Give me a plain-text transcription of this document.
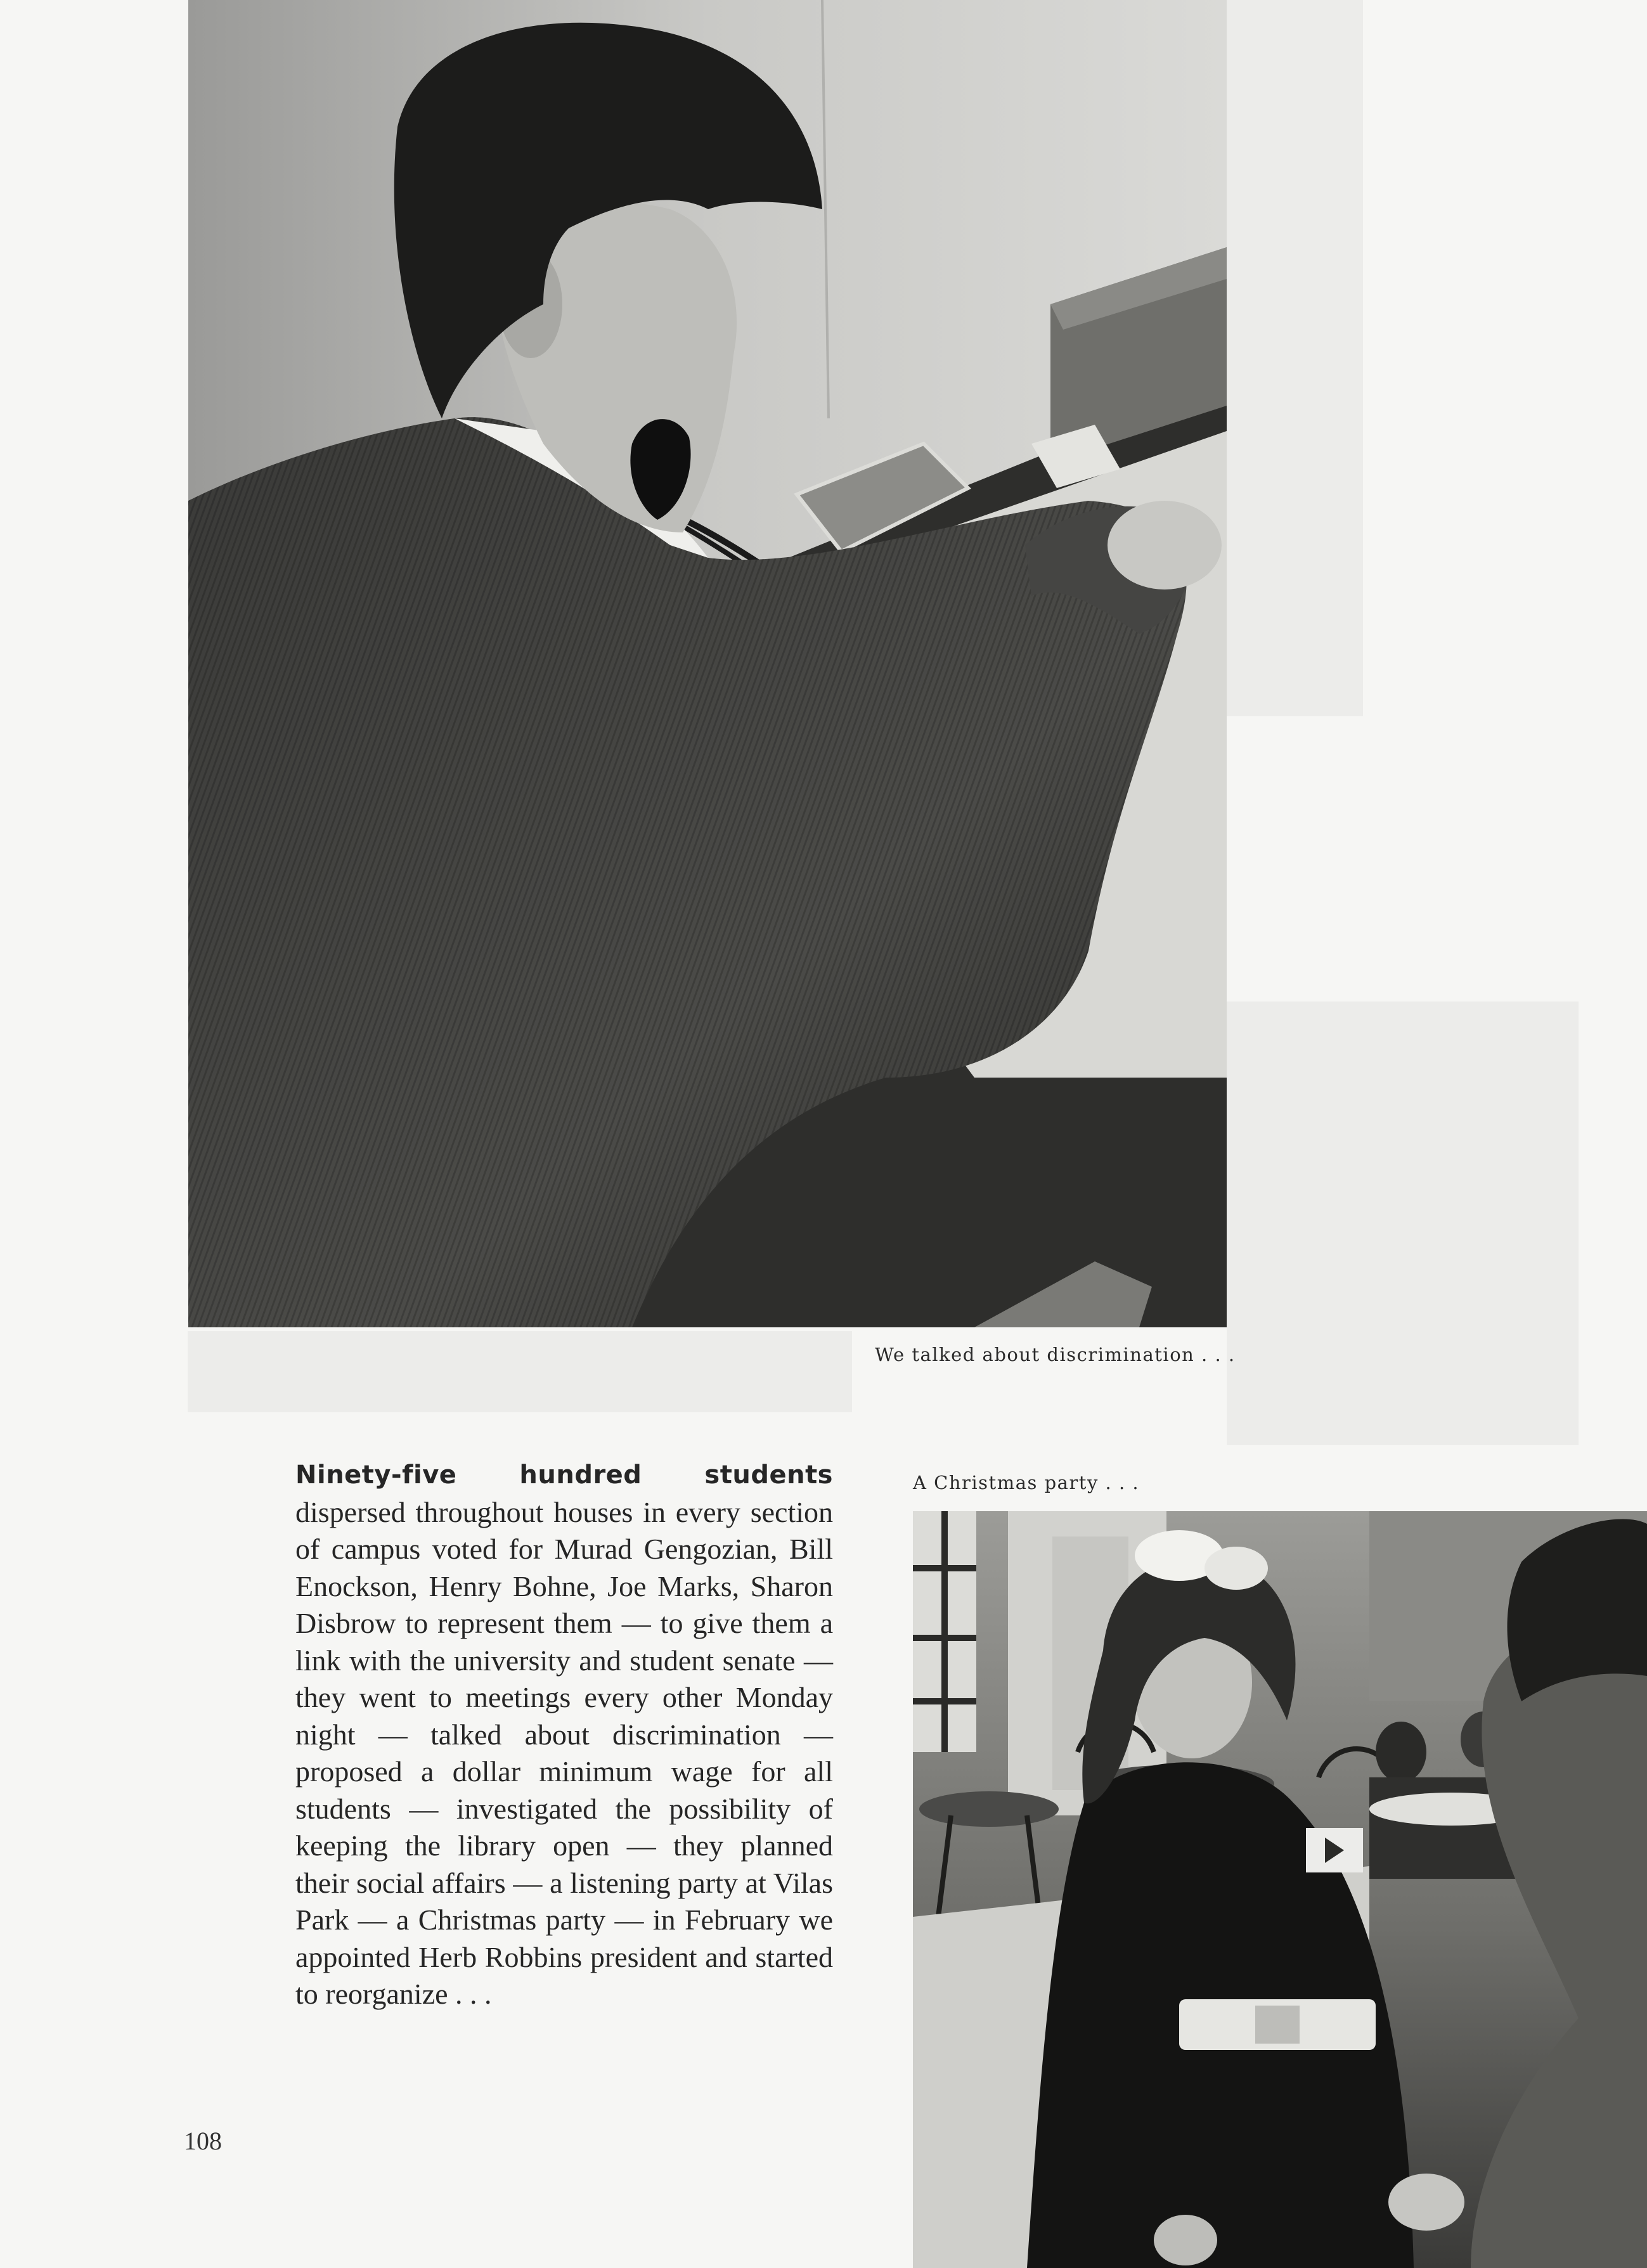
We talked about discrimination . . .
A Christmas party . . .
Ninety-five hundred students dispersed throughout houses in every section of campus voted for Murad Gengozian, Bill Enockson, Henry Bohne, Joe Marks, Sharon Disbrow to represent them — to give them a link with the university and student senate — they went to meetings every other Monday night — talked about discrimination — proposed a dollar minimum wage for all students — investigated the possibility of keeping the library open — they planned their social affairs — a listening party at Vilas Park — a Christmas party — in February we appointed Herb Robbins president and started to reorganize . . .
108
